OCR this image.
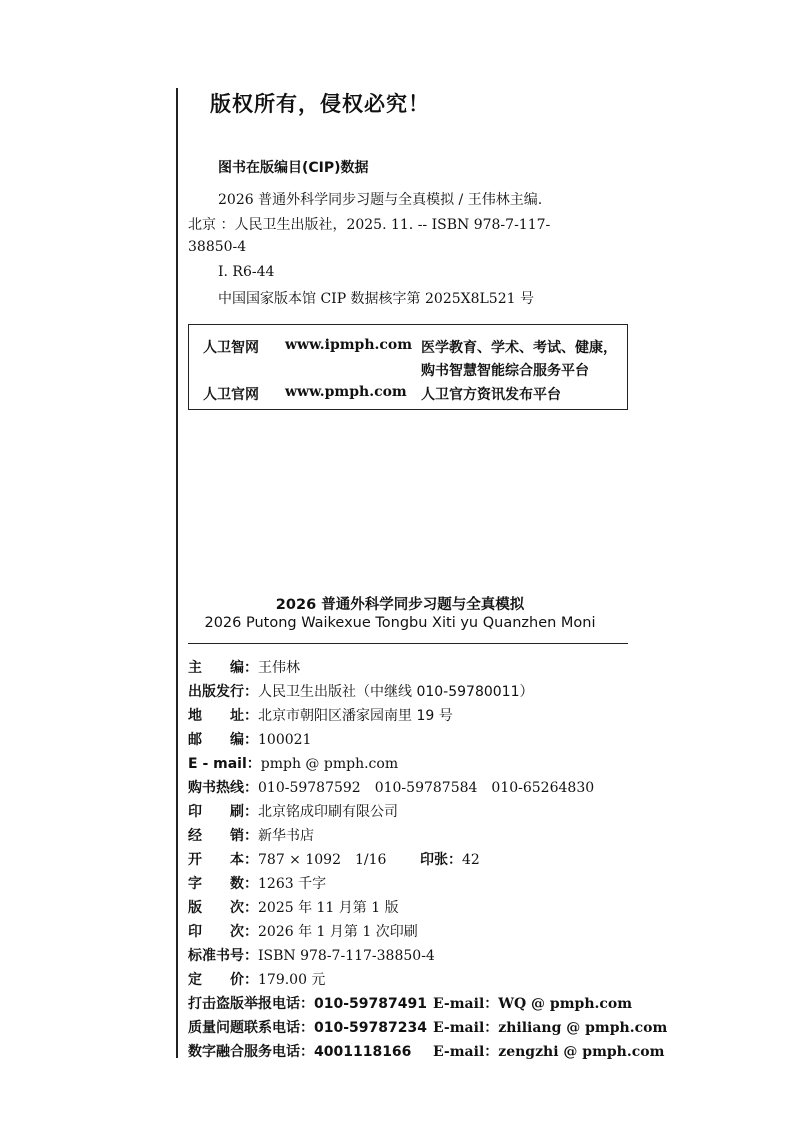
版权所有，侵权必究！
图书在版编目(CIP)数据
2026 普通外科学同步习题与全真模拟 / 王伟林主编.
北京 ：人民卫生出版社，2025. 11. -- ISBN 978-7-117-
38850-4
Ⅰ. R6-44
中国国家版本馆 CIP 数据核字第 2025X8L521 号
人卫智网 www.ipmph.com 医学教育、学术、考试、健康，
购书智慧智能综合服务平台
人卫官网 www.pmph.com 人卫官方资讯发布平台
2026 普通外科学同步习题与全真模拟
2026 Putong Waikexue Tongbu Xiti yu Quanzhen Moni
主　　编：王伟林
出版发行：人民卫生出版社（中继线 010-59780011）
地　　址：北京市朝阳区潘家园南里 19 号
邮　　编：100021
E - mail：pmph @ pmph.com
购书热线：010-59787592　010-59787584　010-65264830
印　　刷：北京铭成印刷有限公司
经　　销：新华书店
开　　本：787 × 1092　1/16 印张：42
字　　数：1263 千字
版　　次：2025 年 11 月第 1 版
印　　次：2026 年 1 月第 1 次印刷
标准书号：ISBN 978-7-117-38850-4
定　　价：179.00 元
打击盗版举报电话：010-59787491 E-mail：WQ @ pmph.com
质量问题联系电话：010-59787234 E-mail：zhiliang @ pmph.com
数字融合服务电话：4001118166 E-mail：zengzhi @ pmph.com
